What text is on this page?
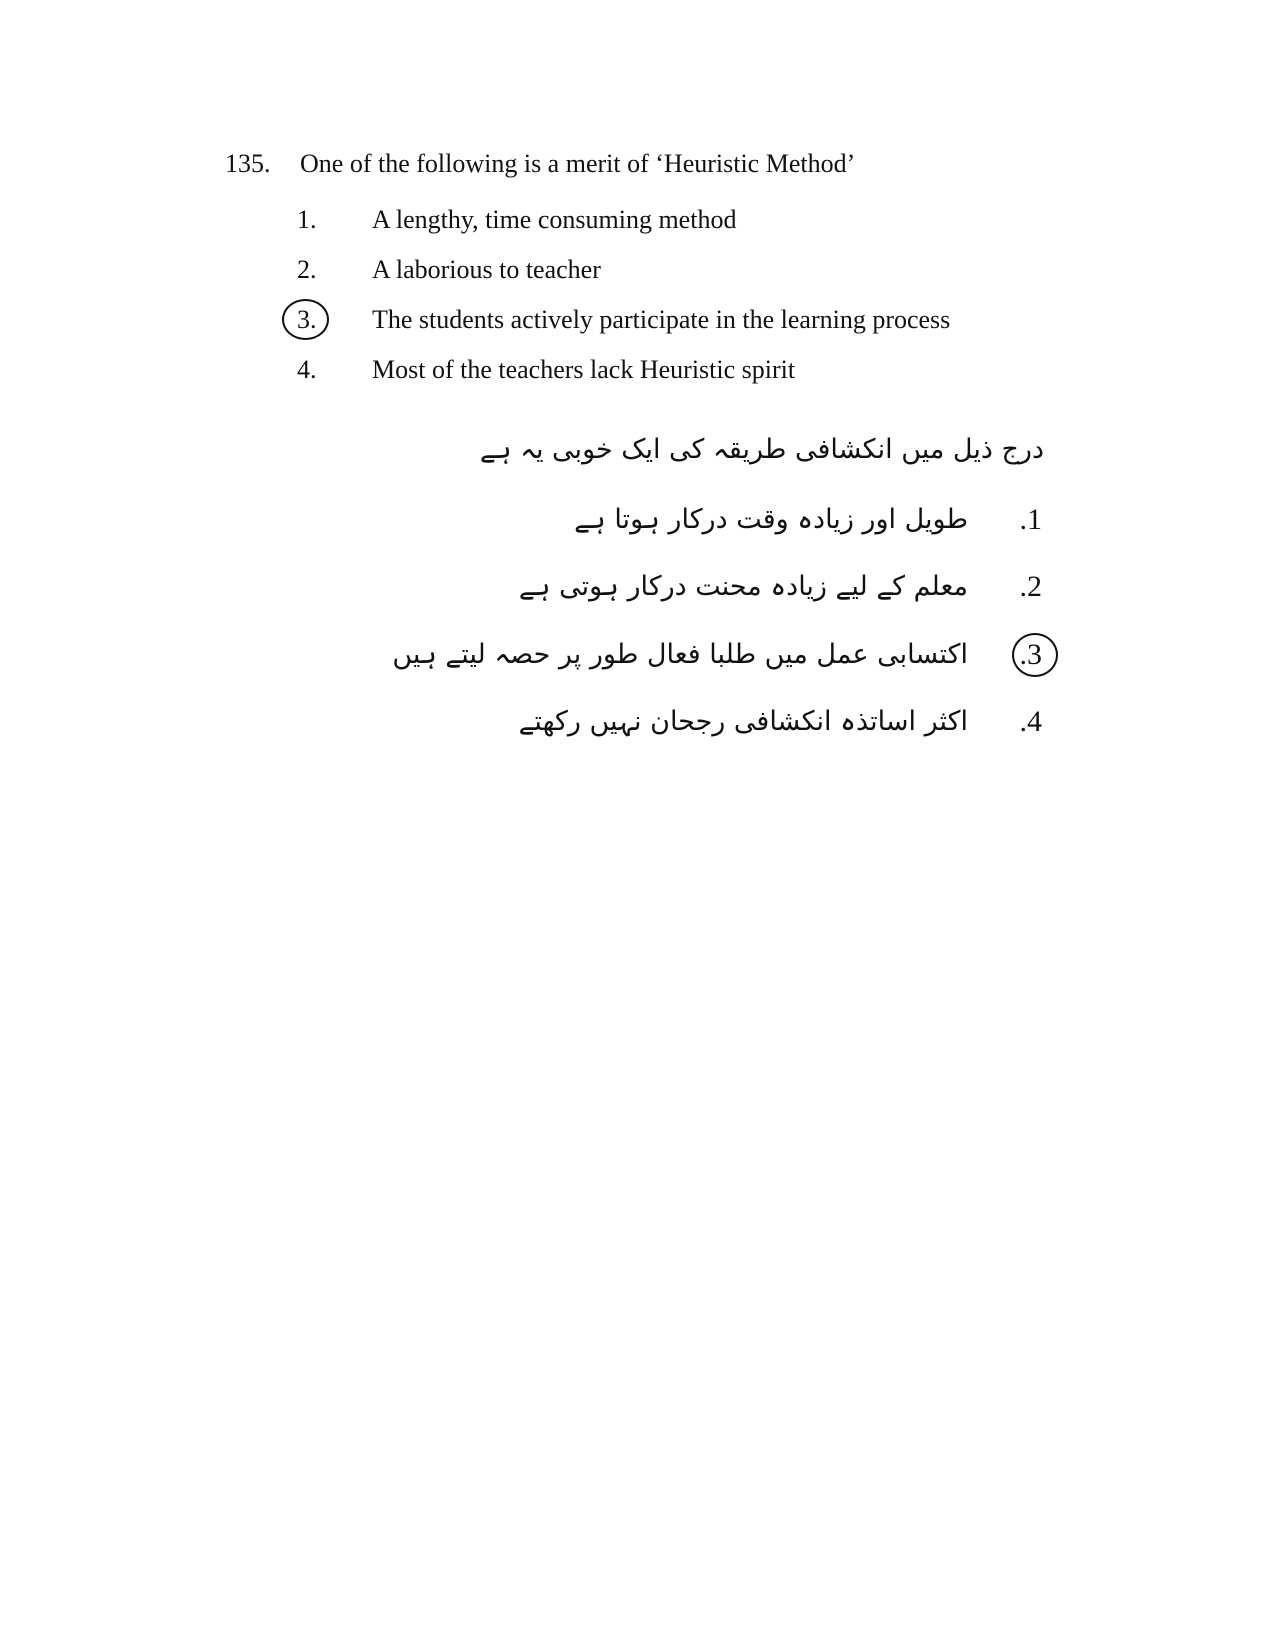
135. One of the following is a merit of ‘Heuristic Method’
1. A lengthy, time consuming method
2. A laborious to teacher
3. The students actively participate in the learning process
4. Most of the teachers lack Heuristic spirit
درج ذیل میں انکشافی طریقہ کی ایک خوبی یہ ہے
.1
طویل اور زیادہ وقت درکار ہوتا ہے
.2
معلم کے لیے زیادہ محنت درکار ہوتی ہے
.3
اکتسابی عمل میں طلبا فعال طور پر حصہ لیتے ہیں
.4
اکثر اساتذہ انکشافی رجحان نہیں رکھتے
